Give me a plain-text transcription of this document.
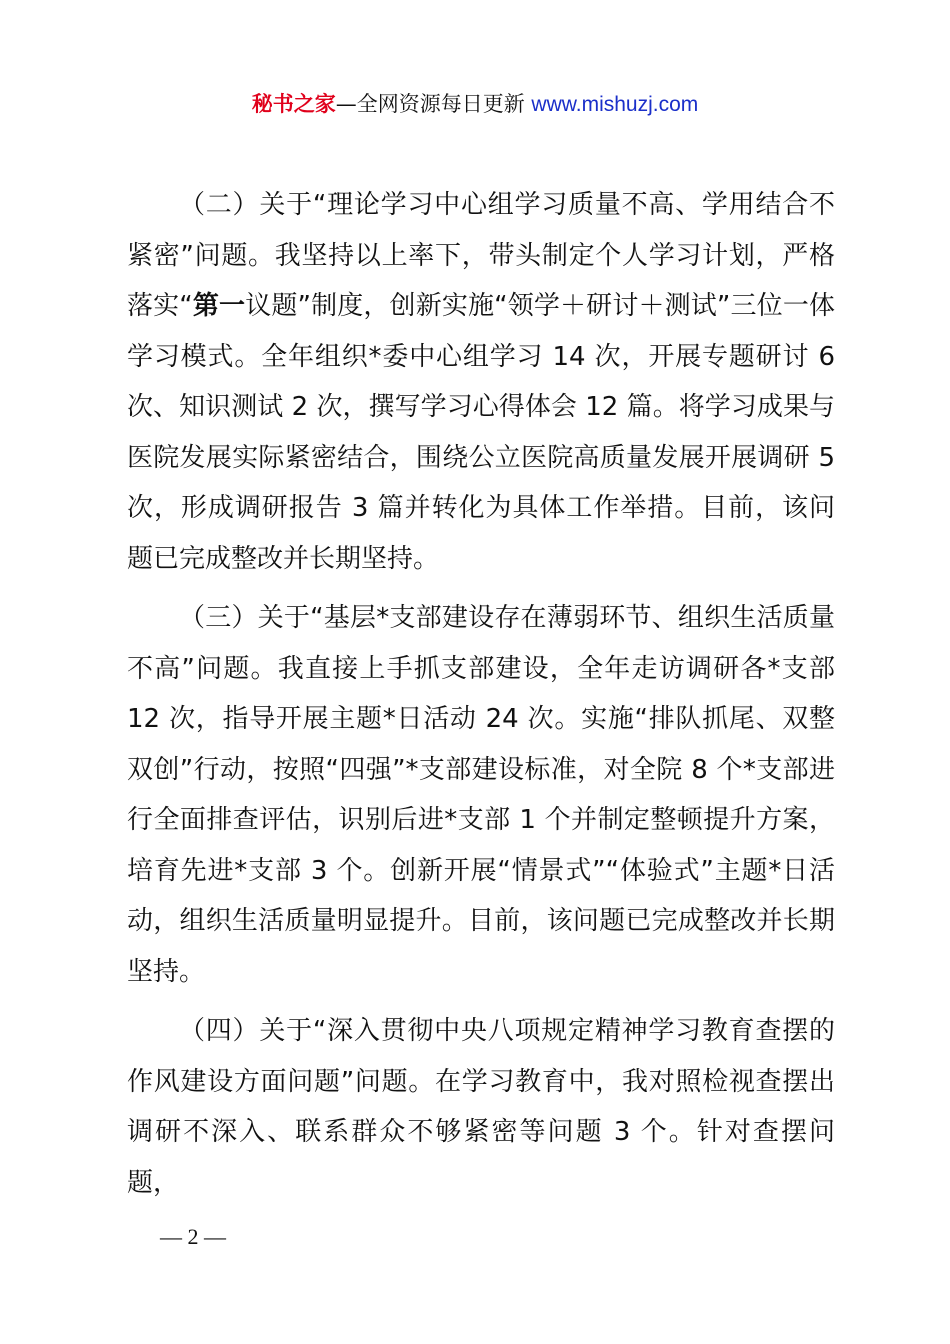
秘书之家—全网资源每日更新 www.mishuzj.com

（二）关于“理论学习中心组学习质量不高、学用结合不紧密”问题。我坚持以上率下，带头制定个人学习计划，严格落实“第一议题”制度，创新实施“领学＋研讨＋测试”三位一体学习模式。全年组织*委中心组学习 14 次，开展专题研讨 6 次、知识测试 2 次，撰写学习心得体会 12 篇。将学习成果与医院发展实际紧密结合，围绕公立医院高质量发展开展调研 5 次，形成调研报告 3 篇并转化为具体工作举措。目前，该问题已完成整改并长期坚持。

（三）关于“基层*支部建设存在薄弱环节、组织生活质量不高”问题。我直接上手抓支部建设，全年走访调研各*支部 12 次，指导开展主题*日活动 24 次。实施“排队抓尾、双整双创”行动，按照“四强”*支部建设标准，对全院 8 个*支部进行全面排查评估，识别后进*支部 1 个并制定整顿提升方案，培育先进*支部 3 个。创新开展“情景式”“体验式”主题*日活动，组织生活质量明显提升。目前，该问题已完成整改并长期坚持。

（四）关于“深入贯彻中央八项规定精神学习教育查摆的作风建设方面问题”问题。在学习教育中，我对照检视查摆出调研不深入、联系群众不够紧密等问题 3 个。针对查摆问题，

— 2 —
